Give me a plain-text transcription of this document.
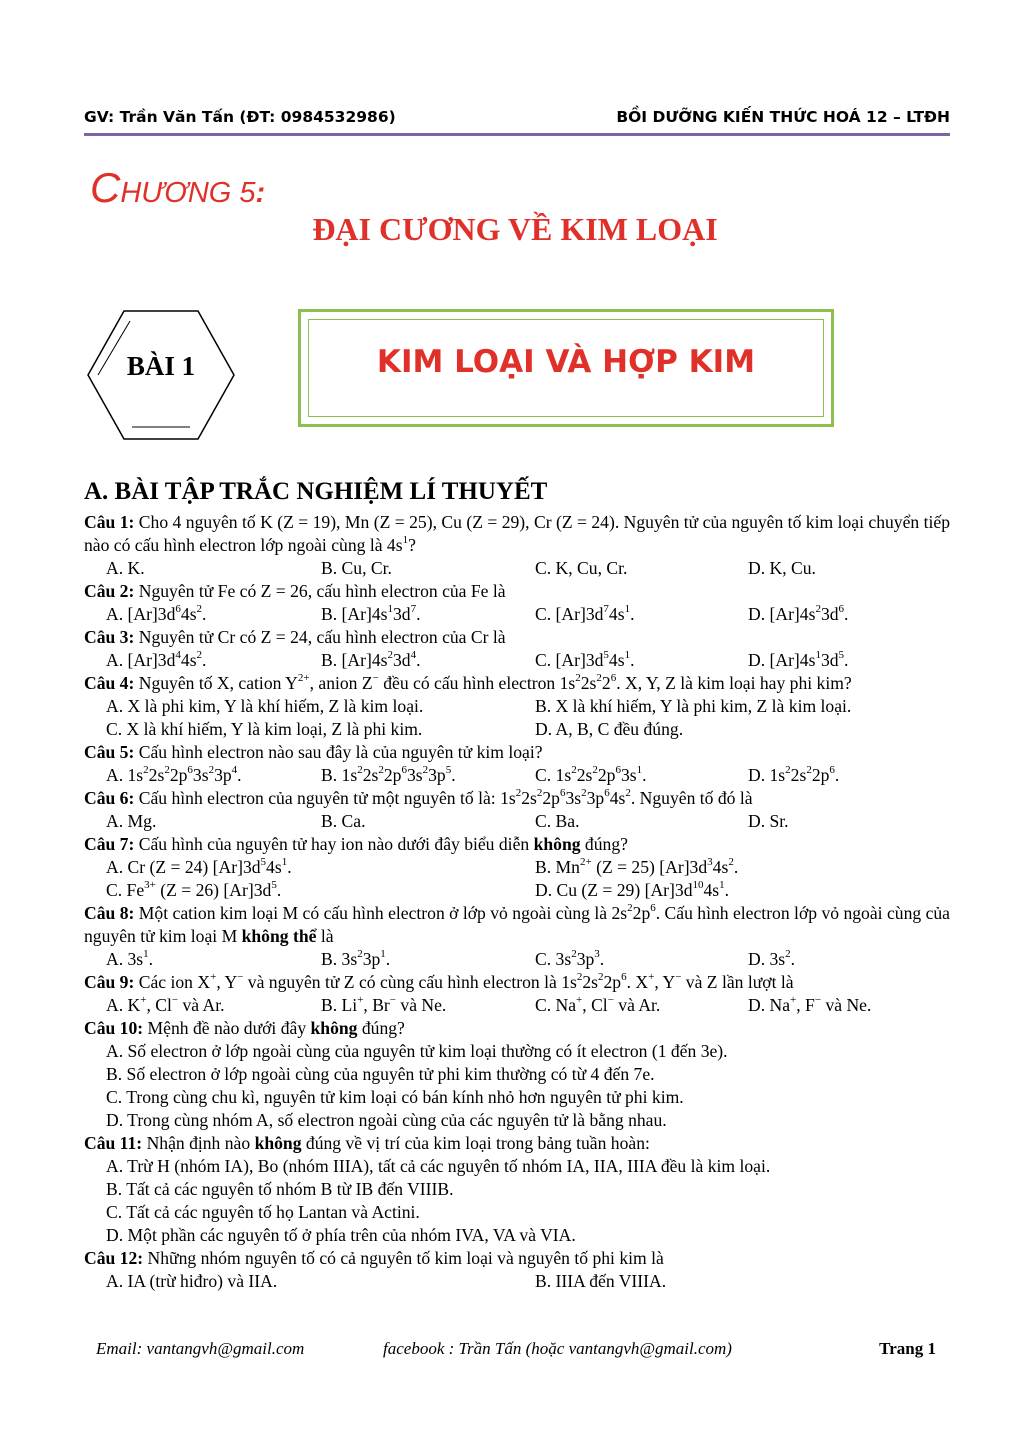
GV: Trần Văn Tấn (ĐT: 0984532986)	BỒI DƯỠNG KIẾN THỨC HOÁ 12 – LTĐH
CHƯƠNG 5:
ĐẠI CƯƠNG VỀ KIM LOẠI
BÀI 1	KIM LOẠI VÀ HỢP KIM
A. BÀI TẬP TRẮC NGHIỆM LÍ THUYẾT
Câu 1: Cho 4 nguyên tố K (Z = 19), Mn (Z = 25), Cu (Z = 29), Cr (Z = 24). Nguyên tử của nguyên tố kim loại chuyển tiếp nào có cấu hình electron lớp ngoài cùng là $4s^1$?
A. K.	B. Cu, Cr.	C. K, Cu, Cr.	D. K, Cu.
Câu 2: Nguyên tử Fe có Z = 26, cấu hình electron của Fe là
A. $[Ar]3d^64s^2$.	B. $[Ar]4s^13d^7$.	C. $[Ar]3d^74s^1$.	D. $[Ar]4s^23d^6$.
Câu 3: Nguyên tử Cr có Z = 24, cấu hình electron của Cr là
A. $[Ar]3d^44s^2$.	B. $[Ar]4s^23d^4$.	C. $[Ar]3d^54s^1$.	D. $[Ar]4s^13d^5$.
Câu 4: Nguyên tố X, cation $Y^{2+}$, anion Z− đều có cấu hình electron $1s^22s^22^6$. X, Y, Z là kim loại hay phi kim?
A. X là phi kim, Y là khí hiếm, Z là kim loại.	B. X là khí hiếm, Y là phi kim, Z là kim loại.
C. X là khí hiếm, Y là kim loại, Z là phi kim.	D. A, B, C đều đúng.
Câu 5: Cấu hình electron nào sau đây là của nguyên tử kim loại?
A. $1s^22s^22p^63s^23p^4$.	B. $1s^22s^22p^63s^23p^5$.	C. $1s^22s^22p^63s^1$.	D. $1s^22s^22p^6$.
Câu 6: Cấu hình electron của nguyên tử một nguyên tố là: $1s^22s^22p^63s^23p^64s^2$. Nguyên tố đó là
A. Mg.	B. Ca.	C. Ba.	D. Sr.
Câu 7: Cấu hình của nguyên tử hay ion nào dưới đây biểu diễn không đúng?
A. Cr (Z = 24) $[Ar]3d^54s^1$.	B. $Mn^{2+}$ (Z = 25) $[Ar]3d^34s^2$.
C. $Fe^{3+}$ (Z = 26) $[Ar]3d^5$.	D. Cu (Z = 29) $[Ar]3d^{10}4s^1$.
Câu 8: Một cation kim loại M có cấu hình electron ở lớp vỏ ngoài cùng là $2s^22p^6$. Cấu hình electron lớp vỏ ngoài cùng của nguyên tử kim loại M không thể là
A. $3s^1$.	B. $3s^23p^1$.	C. $3s^23p^3$.	D. $3s^2$.
Câu 9: Các ion X+, Y− và nguyên tử Z có cùng cấu hình electron là $1s^22s^22p^6$. X+, Y− và Z lần lượt là
A. K+, Cl− và Ar.	B. Li+, Br− và Ne.	C. Na+, Cl− và Ar.	D. Na+, F− và Ne.
Câu 10: Mệnh đề nào dưới đây không đúng?
A. Số electron ở lớp ngoài cùng của nguyên tử kim loại thường có ít electron (1 đến 3e).
B. Số electron ở lớp ngoài cùng của nguyên tử phi kim thường có từ 4 đến 7e.
C. Trong cùng chu kì, nguyên tử kim loại có bán kính nhỏ hơn nguyên tử phi kim.
D. Trong cùng nhóm A, số electron ngoài cùng của các nguyên tử là bằng nhau.
Câu 11: Nhận định nào không đúng về vị trí của kim loại trong bảng tuần hoàn:
A. Trừ H (nhóm IA), Bo (nhóm IIIA), tất cả các nguyên tố nhóm IA, IIA, IIIA đều là kim loại.
B. Tất cả các nguyên tố nhóm B từ IB đến VIIIB.
C. Tất cả các nguyên tố họ Lantan và Actini.
D. Một phần các nguyên tố ở phía trên của nhóm IVA, VA và VIA.
Câu 12: Những nhóm nguyên tố có cả nguyên tố kim loại và nguyên tố phi kim là
A. IA (trừ hiđro) và IIA.	B. IIIA đến VIIIA.
Email: vantangvh@gmail.com	facebook : Trần Tấn (hoặc vantangvh@gmail.com)	Trang 1
